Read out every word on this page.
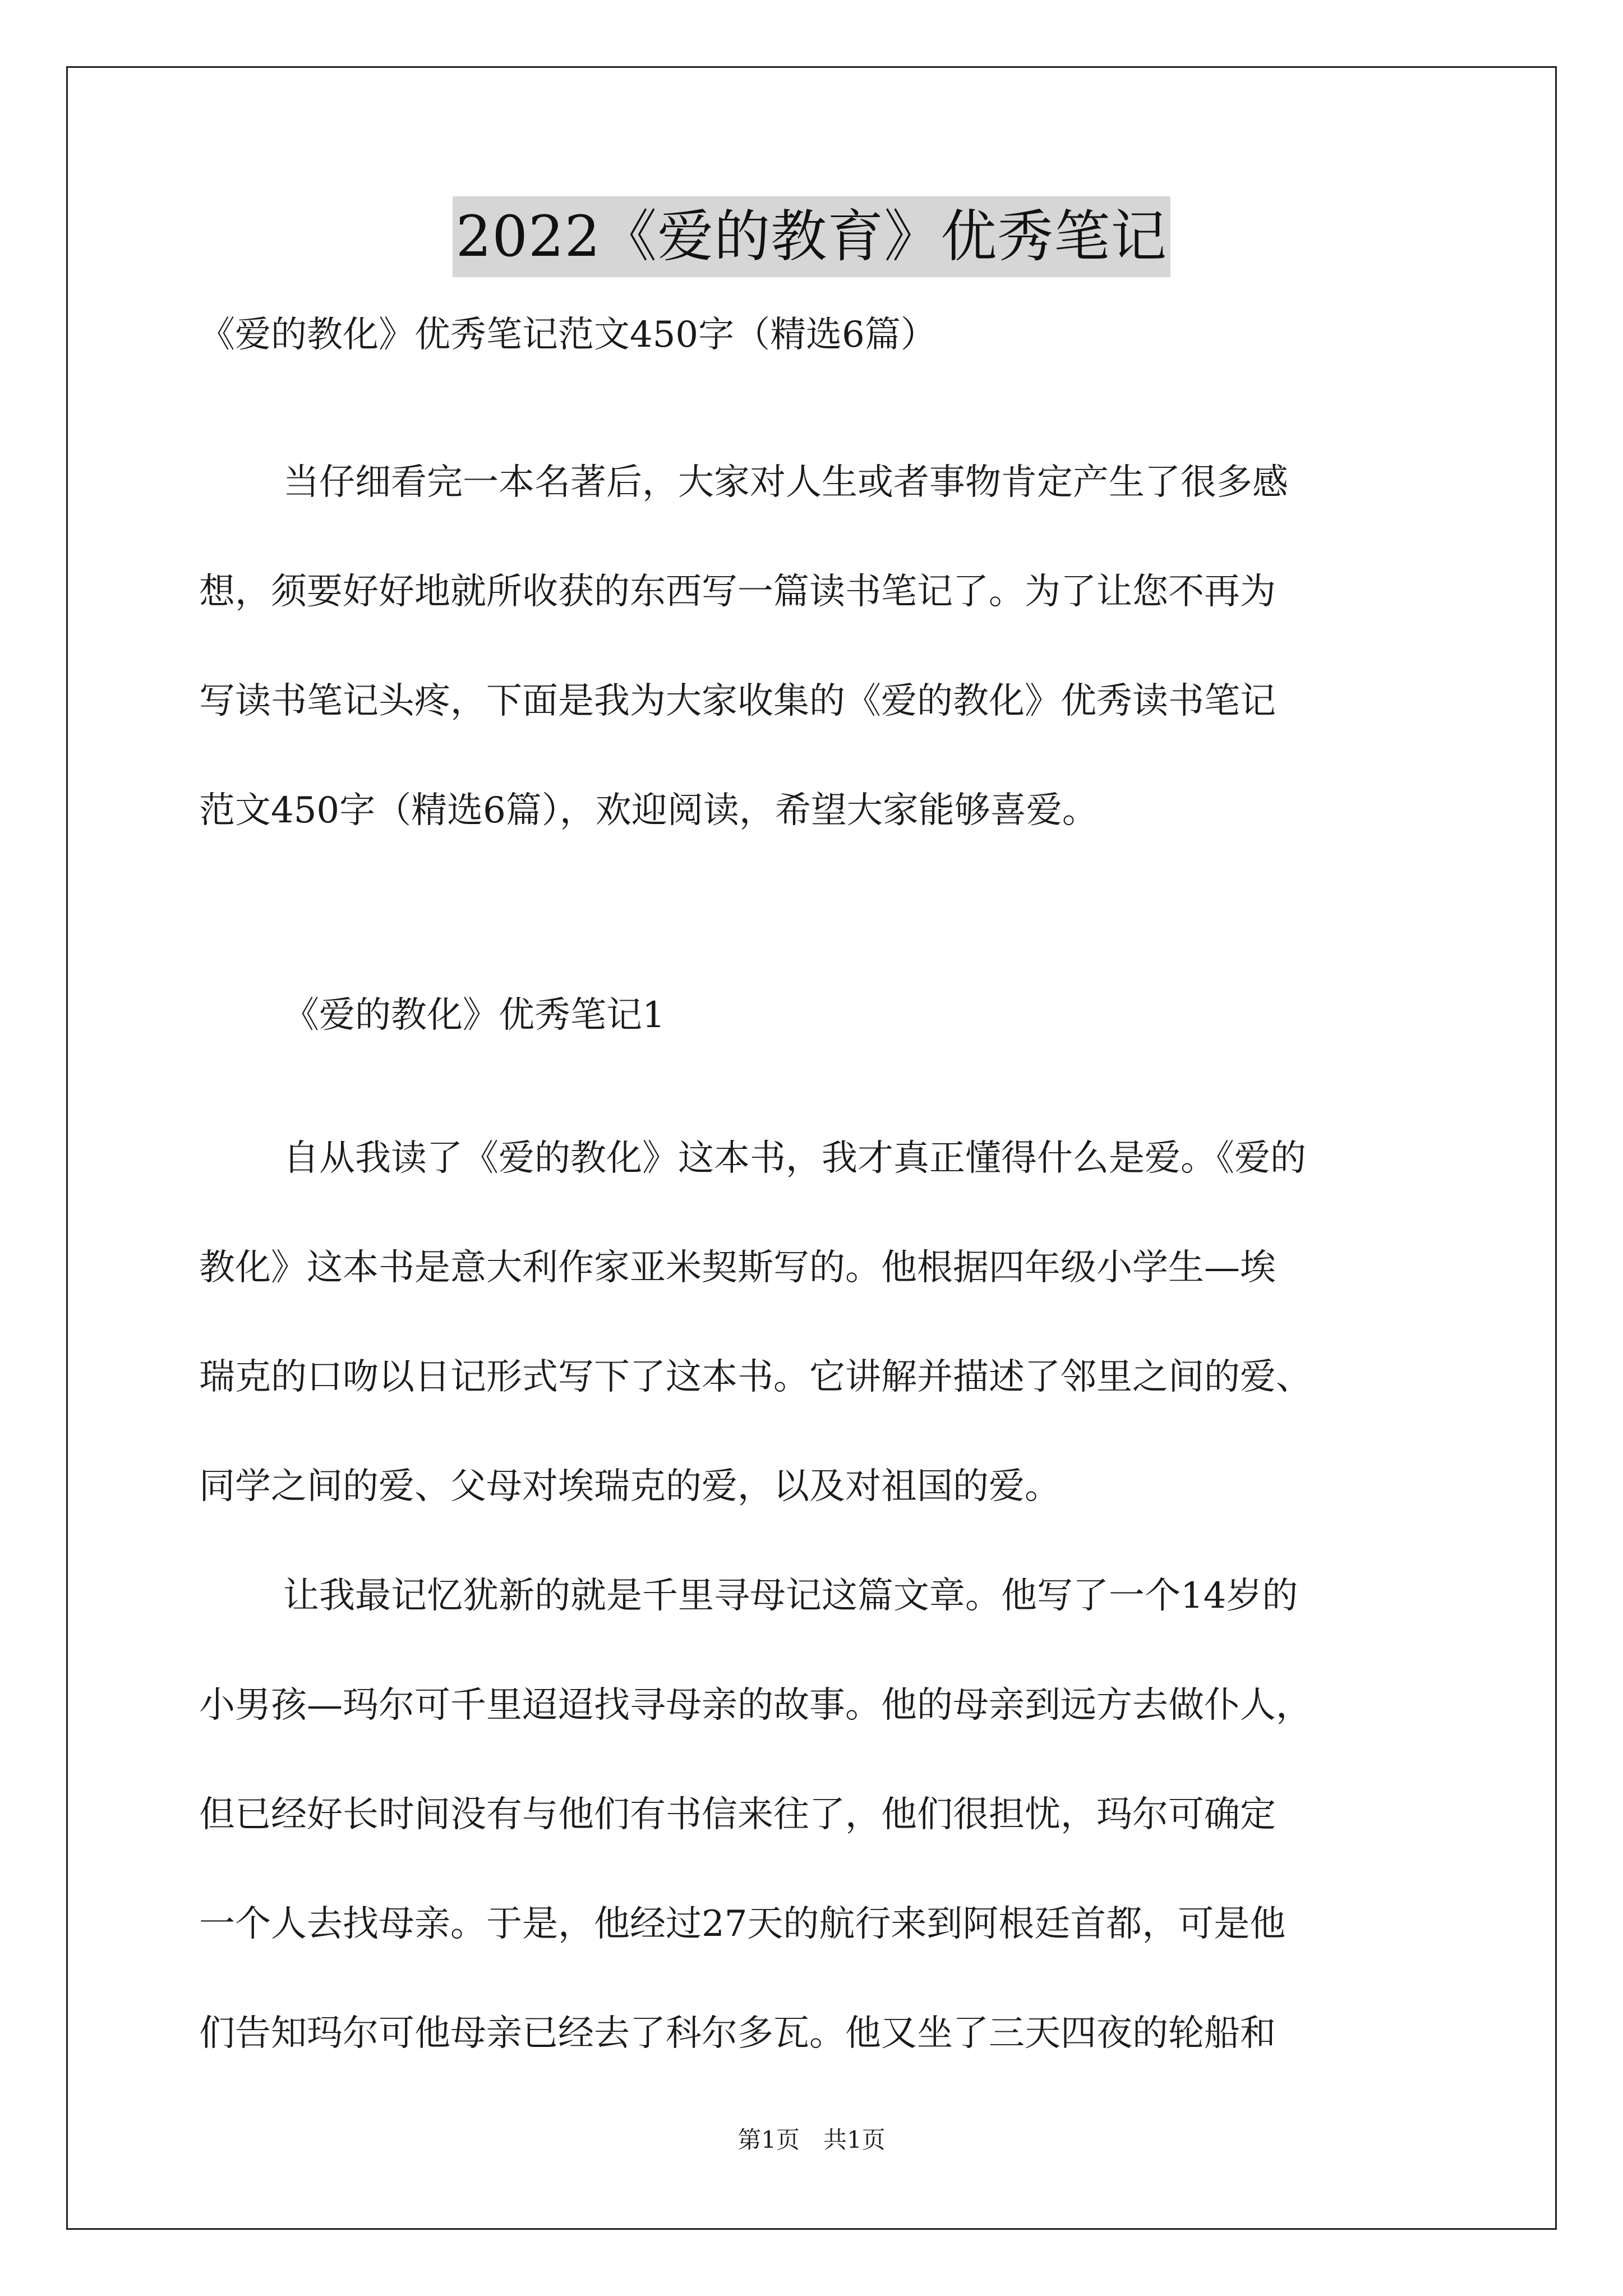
2022《爱的教育》优秀笔记
《爱的教化》优秀笔记范文450字（精选6篇）
当仔细看完一本名著后，大家对人生或者事物肯定产生了很多感
想，须要好好地就所收获的东西写一篇读书笔记了。为了让您不再为
写读书笔记头疼，下面是我为大家收集的《爱的教化》优秀读书笔记
范文450字（精选6篇），欢迎阅读，希望大家能够喜爱。
《爱的教化》优秀笔记1
自从我读了《爱的教化》这本书，我才真正懂得什么是爱。《爱的
教化》这本书是意大利作家亚米契斯写的。他根据四年级小学生—埃
瑞克的口吻以日记形式写下了这本书。它讲解并描述了邻里之间的爱、
同学之间的爱、父母对埃瑞克的爱，以及对祖国的爱。
让我最记忆犹新的就是千里寻母记这篇文章。他写了一个14岁的
小男孩—玛尔可千里迢迢找寻母亲的故事。他的母亲到远方去做仆人，
但已经好长时间没有与他们有书信来往了，他们很担忧，玛尔可确定
一个人去找母亲。于是，他经过27天的航行来到阿根廷首都，可是他
们告知玛尔可他母亲已经去了科尔多瓦。他又坐了三天四夜的轮船和
第1页　共1页
